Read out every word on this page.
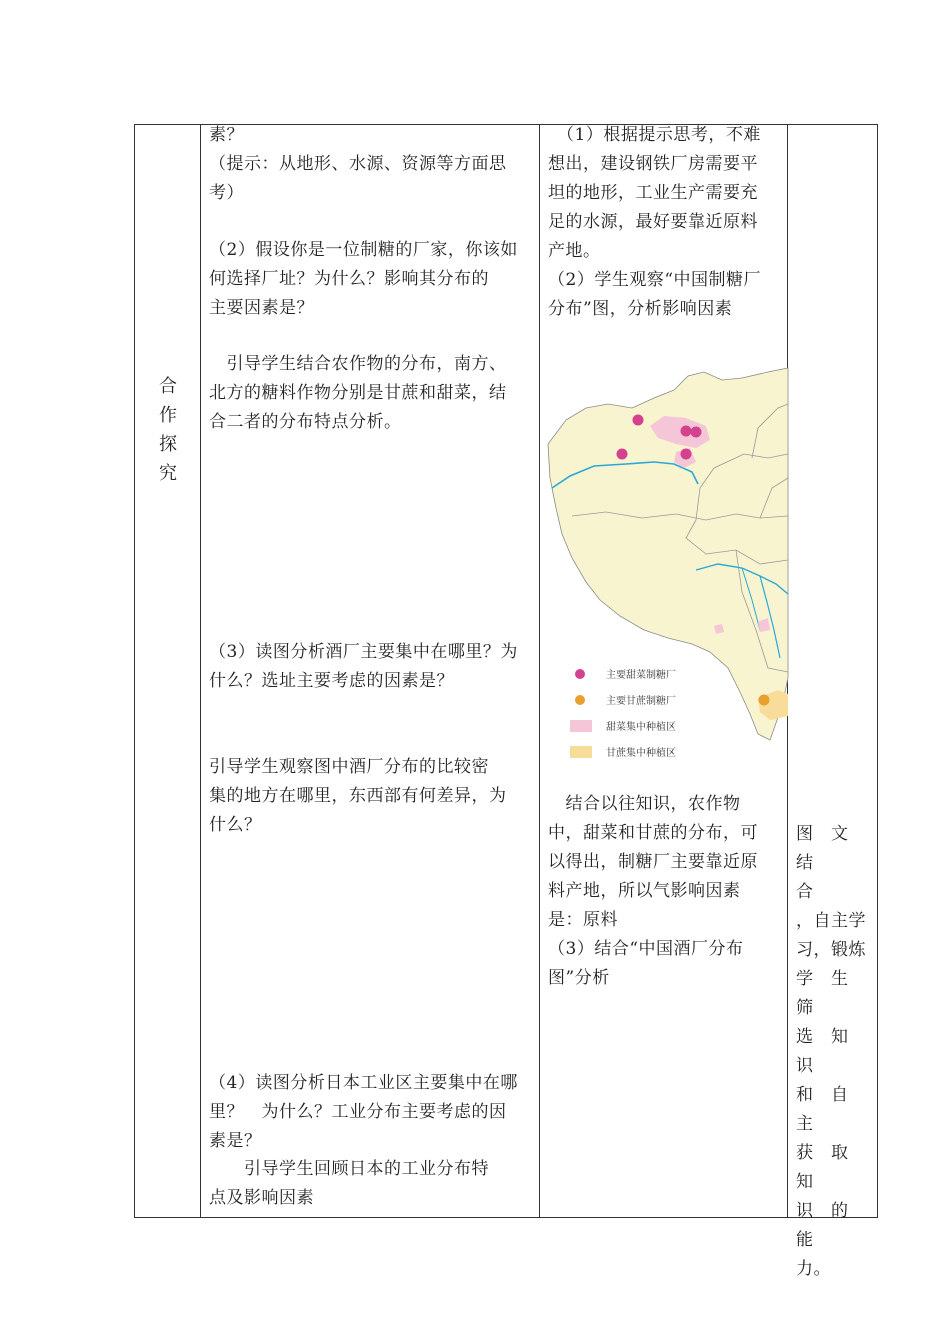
合
作
探
究
素？
（提示：从地形、水源、资源等方面思
考）
（2）假设你是一位制糖的厂家，你该如
何选择厂址？为什么？影响其分布的
主要因素是？
　引导学生结合农作物的分布，南方、
北方的糖料作物分别是甘蔗和甜菜，结
合二者的分布特点分析。
（3）读图分析酒厂主要集中在哪里？为
什么？选址主要考虑的因素是？
引导学生观察图中酒厂分布的比较密
集的地方在哪里，东西部有何差异，为
什么？
（4）读图分析日本工业区主要集中在哪
里？　为什么？工业分布主要考虑的因
素是？
　　引导学生回顾日本的工业分布特
点及影响因素
　（1）根据提示思考，不难
想出，建设钢铁厂房需要平
坦的地形，工业生产需要充
足的水源，最好要靠近原料
产地。
（2）学生观察“中国制糖厂
分布”图，分析影响因素
主要甜菜制糖厂
主要甘蔗制糖厂
甜菜集中种植区
甘蔗集中种植区
　结合以往知识，农作物
中，甜菜和甘蔗的分布，可
以得出，制糖厂主要靠近原
料产地，所以气影响因素
是：原料
（3）结合“中国酒厂分布
图”分析
图　文　结
合
，自主学
习，锻炼
学　生　筛
选　知　识
和　自　主
获　取　知
识　的　能
力。
